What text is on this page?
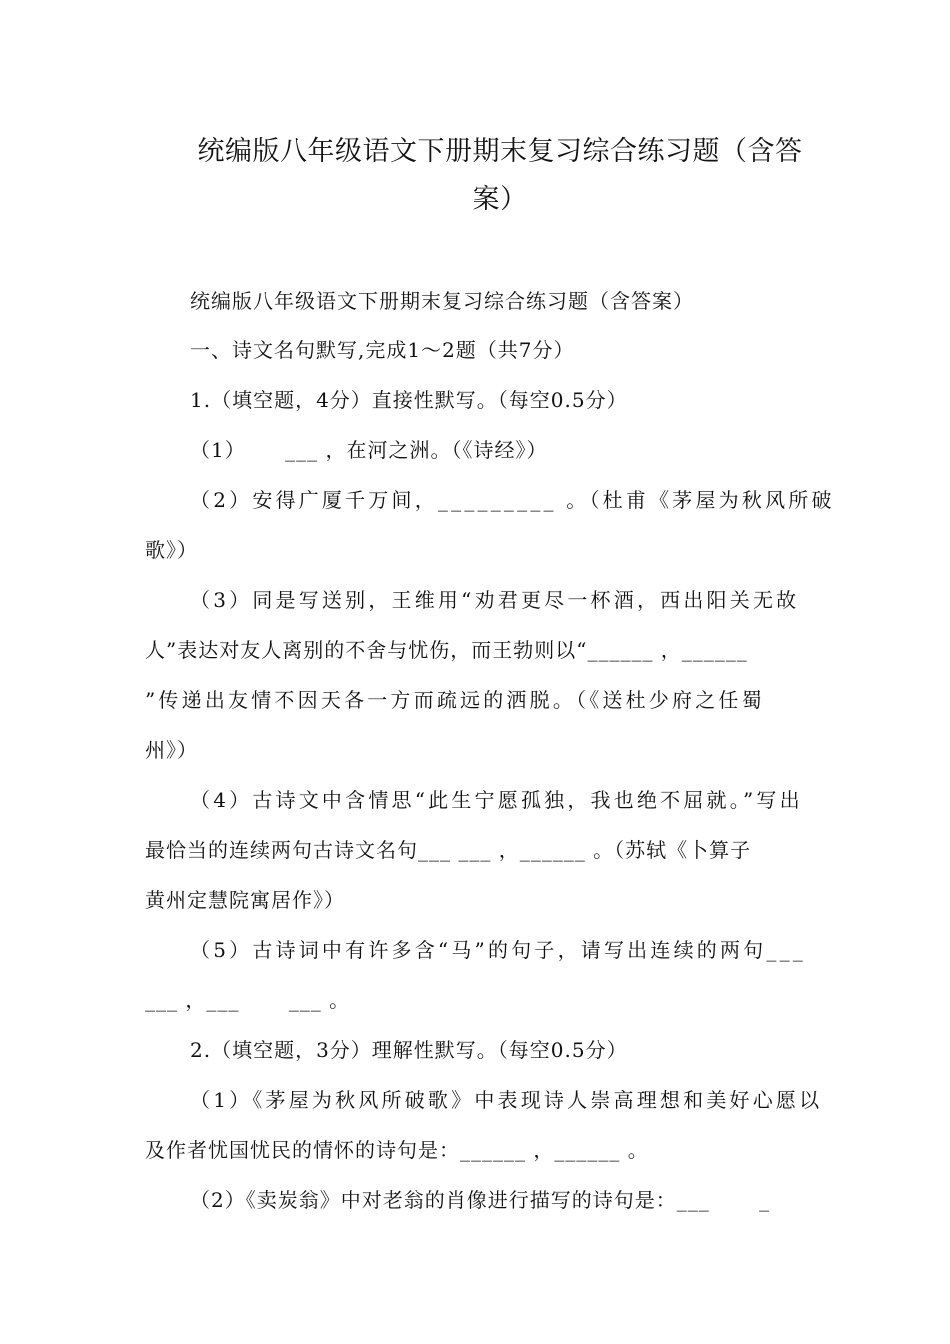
统编版八年级语文下册期末复习综合练习题（含答
案）
统编版八年级语文下册期末复习综合练习题（含答案）
一、诗文名句默写,完成1～2题（共7分）
1.（填空题，4分）直接性默写。（每空0.5分）
（1）　　 ___ ，在河之洲。（《诗经》）
（2）安得广厦千万间，_________ 。（杜甫《茅屋为秋风所破
歌》）
（3）同是写送别，王维用“劝君更尽一杯酒，西出阳关无故
人”表达对友人离别的不舍与忧伤，而王勃则以“______ ，______
”传递出友情不因天各一方而疏远的洒脱。（《送杜少府之任蜀
州》）
（4）古诗文中含情思“此生宁愿孤独，我也绝不屈就。”写出
最恰当的连续两句古诗文名句___ ___ ，______ 。（苏轼《卜算子
黄州定慧院寓居作》）
（5）古诗词中有许多含“马”的句子，请写出连续的两句___
___ ，___　　 ___ 。
2.（填空题，3分）理解性默写。（每空0.5分）
（1）《茅屋为秋风所破歌》中表现诗人崇高理想和美好心愿以
及作者忧国忧民的情怀的诗句是：______ ，______ 。
（2）《卖炭翁》中对老翁的肖像进行描写的诗句是：___　　 _
